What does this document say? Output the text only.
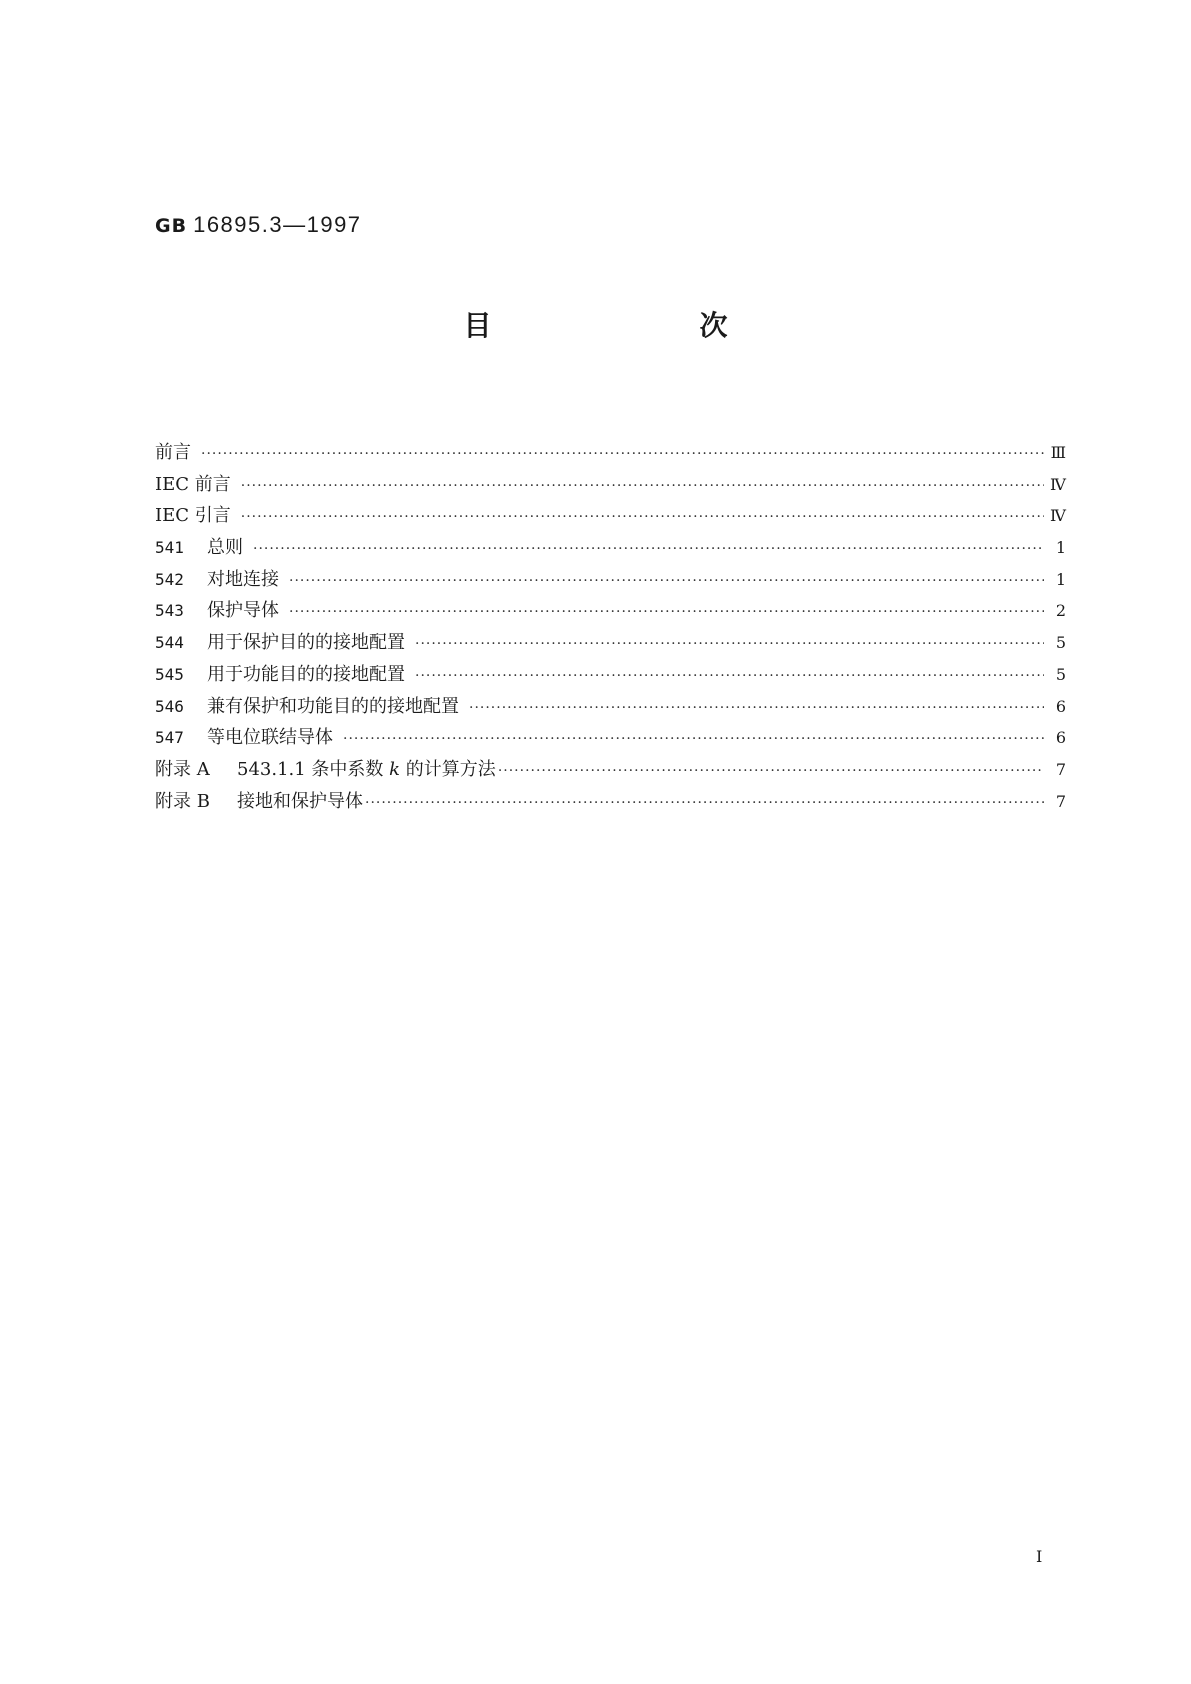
GB 16895.3—1997
目　次
前言 ·····	Ⅲ
IEC 前言 ·····	Ⅳ
IEC 引言 ·····	Ⅳ
541	总则 ·····	1
542	对地连接 ·····	1
543	保护导体 ·····	2
544	用于保护目的的接地配置 ·····	5
545	用于功能目的的接地配置 ·····	5
546	兼有保护和功能目的的接地配置 ·····	6
547	等电位联结导体 ·····	6
附录 A	543.1.1 条中系数 k 的计算方法 ·····	7
附录 B	接地和保护导体 ·····	7
I
